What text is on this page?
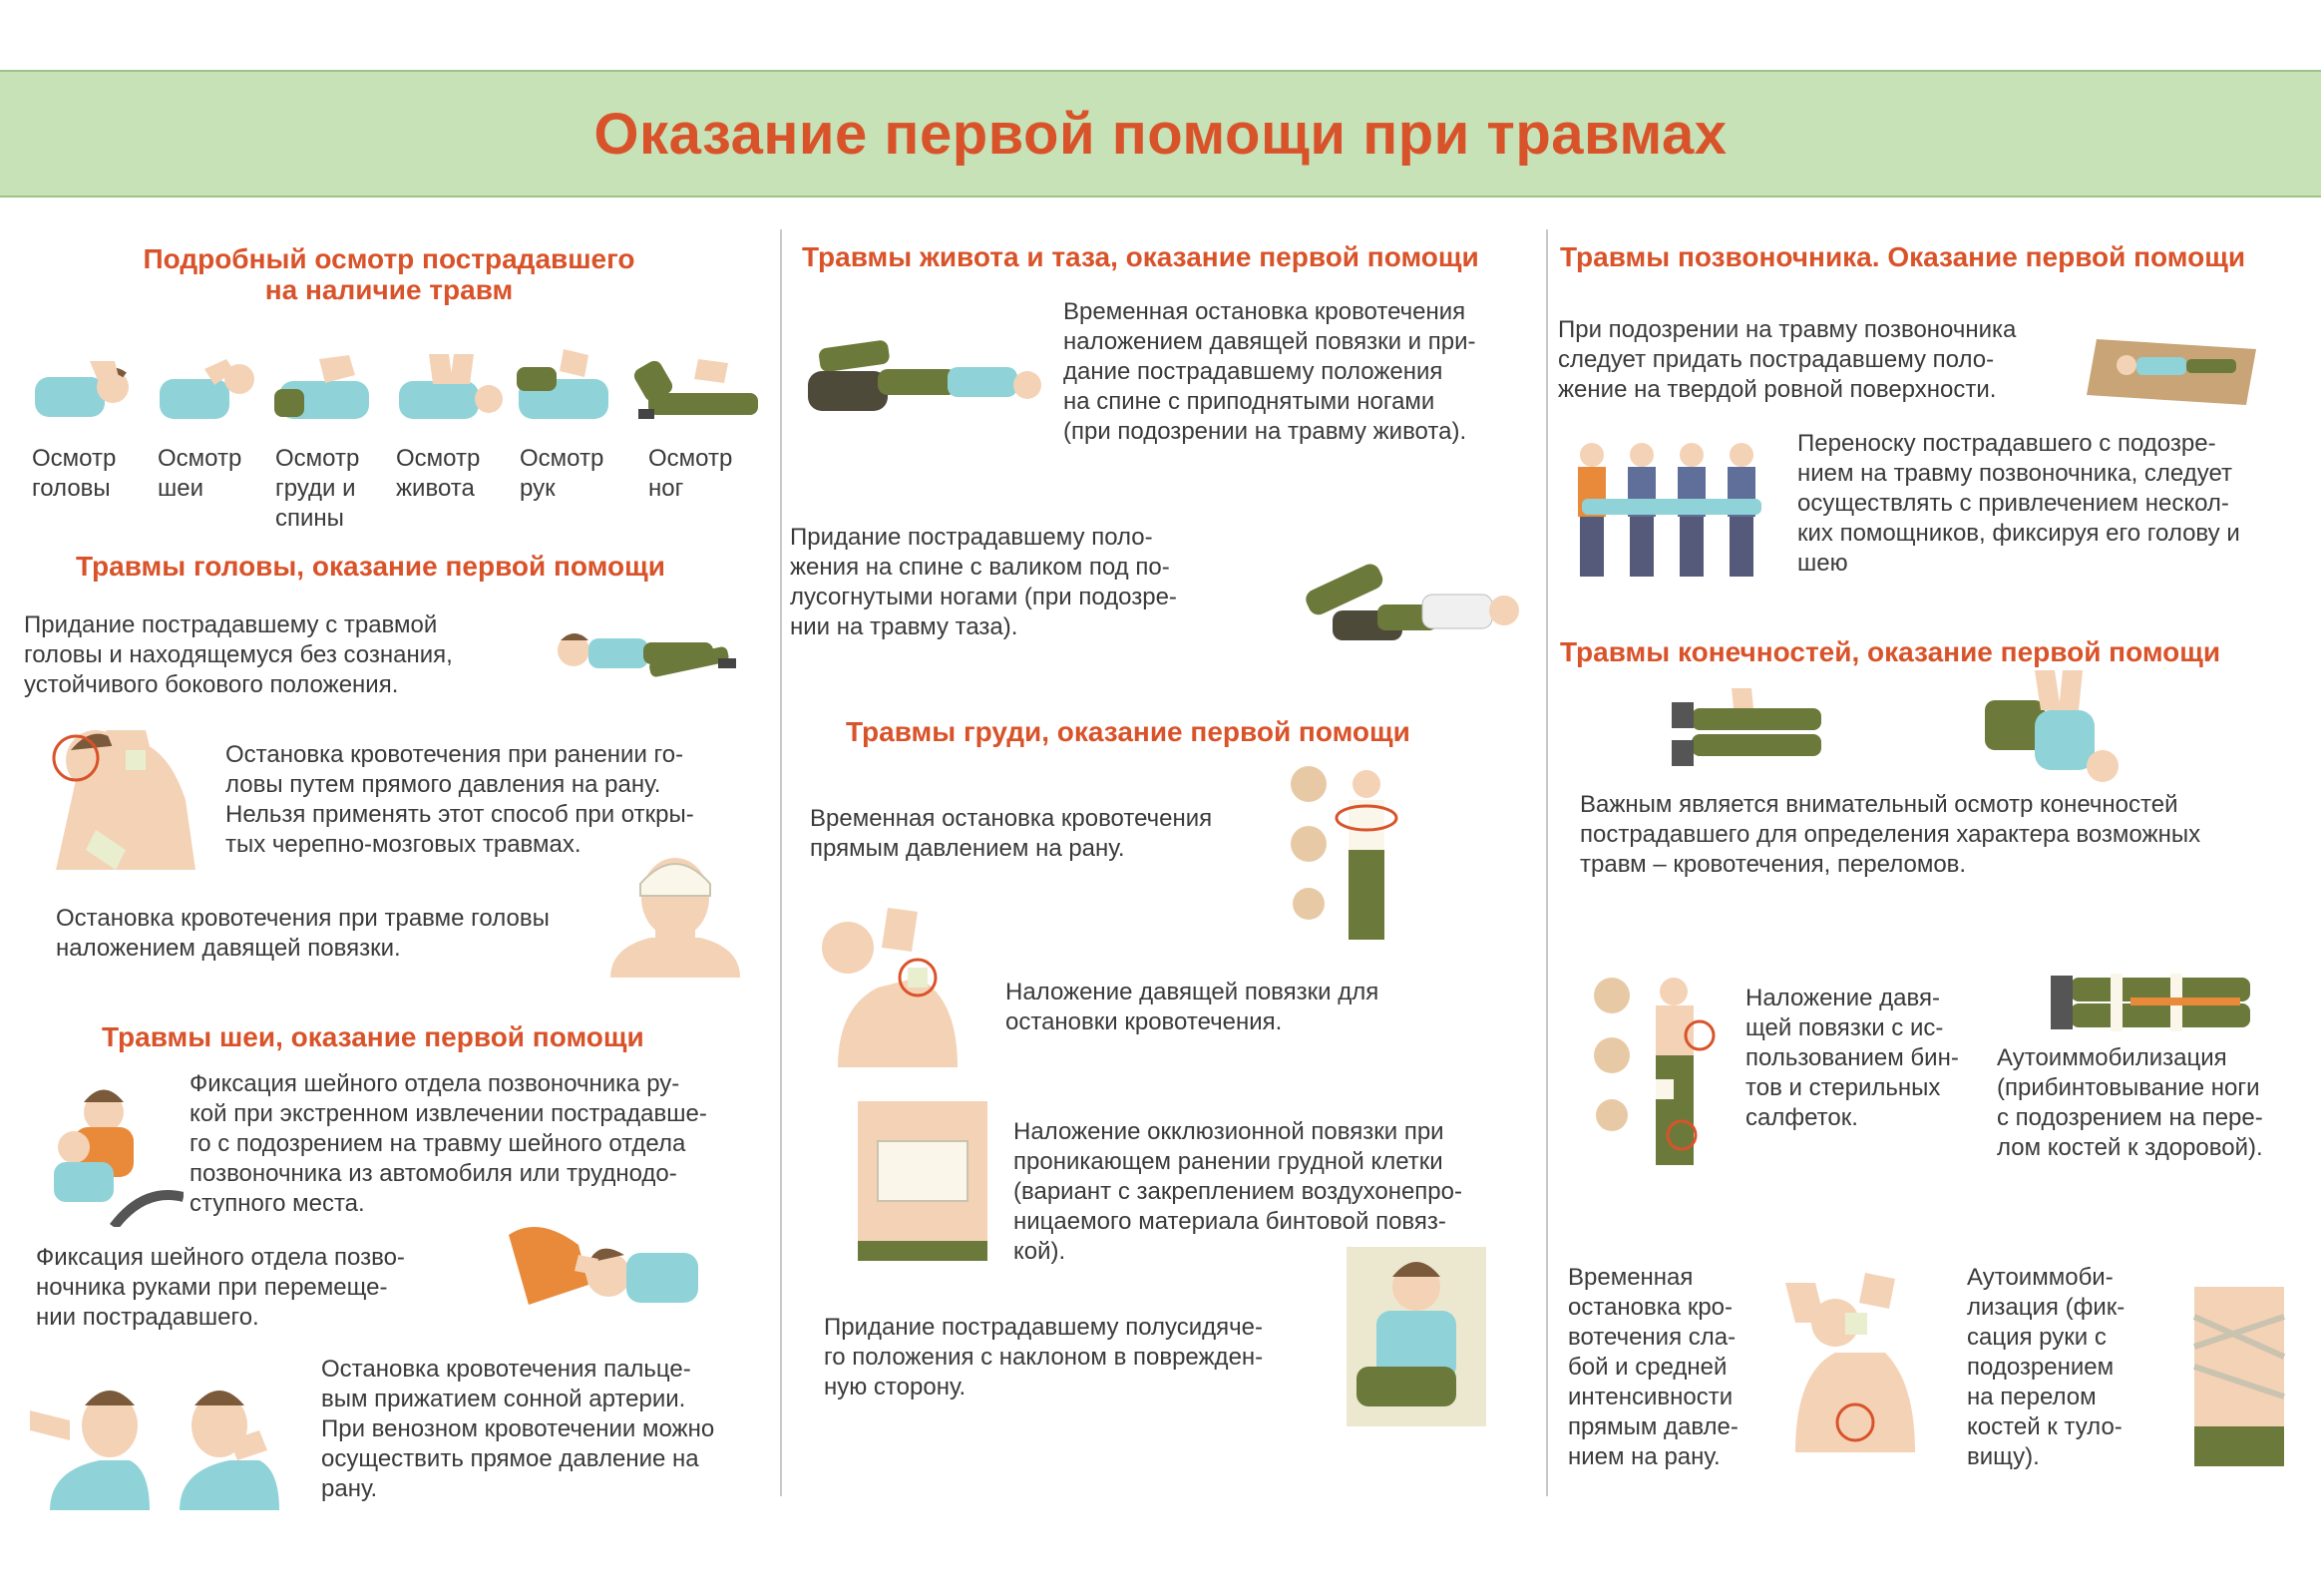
Оказание первой помощи при травмах
Подробный осмотр пострадавшего
на наличие травм
Осмотр
головы
Осмотр
шеи
Осмотр
груди и
спины
Осмотр
живота
Осмотр
рук
Осмотр
ног
Травмы головы, оказание первой помощи
Придание пострадавшему с травмой
головы и находящемуся без сознания,
устойчивого бокового положения.
Остановка кровотечения при ранении го-
ловы путем прямого давления на рану.
Нельзя применять этот способ при откры-
тых черепно-мозговых травмах.
Остановка кровотечения при травме головы
наложением давящей повязки.
Травмы шеи, оказание первой помощи
Фиксация шейного отдела позвоночника ру-
кой при экстренном извлечении пострадавше-
го с подозрением на травму шейного отдела
позвоночника из автомобиля или труднодо-
ступного места.
Фиксация шейного отдела позво-
ночника руками при перемеще-
нии пострадавшего.
Остановка кровотечения пальце-
вым прижатием сонной артерии.
При венозном кровотечении можно
осуществить прямое давление на
рану.
Травмы живота и таза, оказание первой помощи
Временная остановка кровотечения
наложением давящей повязки и при-
дание пострадавшему положения
на спине с приподнятыми ногами
(при подозрении на травму живота).
Придание пострадавшему поло-
жения на спине с валиком под по-
лусогнутыми ногами (при подозре-
нии на травму таза).
Травмы груди, оказание первой помощи
Временная остановка кровотечения
прямым давлением на рану.
Наложение давящей повязки для
остановки кровотечения.
Наложение окклюзионной повязки при
проникающем ранении грудной клетки
(вариант с закреплением воздухонепро-
ницаемого материала бинтовой повяз-
кой).
Придание пострадавшему полусидяче-
го положения с наклоном в поврежден-
ную сторону.
Травмы позвоночника. Оказание первой помощи
При подозрении на травму позвоночника
следует придать пострадавшему поло-
жение на твердой ровной поверхности.
Переноску пострадавшего с подозре-
нием на травму позвоночника, следует
осуществлять с привлечением нескол-
ких помощников, фиксируя его голову и
шею
Травмы конечностей, оказание первой помощи
Важным является внимательный осмотр конечностей
пострадавшего для определения характера возможных
травм – кровотечения, переломов.
Наложение давя-
щей повязки с ис-
пользованием бин-
тов и стерильных
салфеток.
Аутоиммобилизация
(прибинтовывание ноги
с подозрением на пере-
лом костей к здоровой).
Временная
остановка кро-
вотечения сла-
бой и средней
интенсивности
прямым давле-
нием на рану.
Аутоиммоби-
лизация (фик-
сация руки с
подозрением
на перелом
костей к туло-
вищу).
